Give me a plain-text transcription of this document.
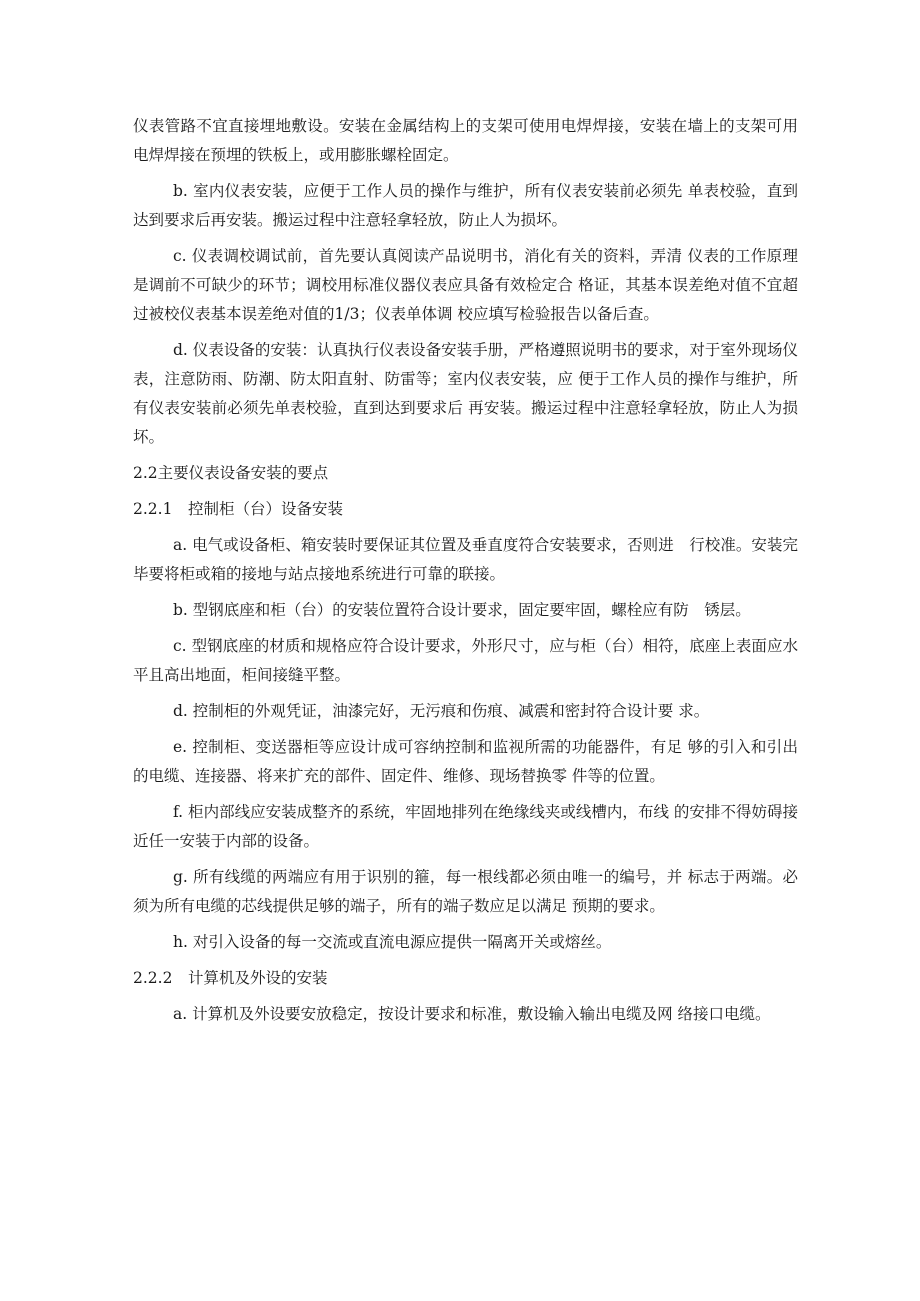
仪表管路不宜直接埋地敷设。安装在金属结构上的支架可使用电焊焊接，安装在墙上的支架可用电焊焊接在预埋的铁板上，或用膨胀螺栓固定。

b. 室内仪表安装，应便于工作人员的操作与维护，所有仪表安装前必须先 单表校验，直到达到要求后再安装。搬运过程中注意轻拿轻放，防止人为损坏。

c. 仪表调校调试前，首先要认真阅读产品说明书，消化有关的资料，弄清 仪表的工作原理是调前不可缺少的环节；调校用标准仪器仪表应具备有效检定合 格证，其基本误差绝对值不宜超过被校仪表基本误差绝对值的1/3；仪表单体调 校应填写检验报告以备后查。

d. 仪表设备的安装：认真执行仪表设备安装手册，严格遵照说明书的要求，对于室外现场仪表，注意防雨、防潮、防太阳直射、防雷等；室内仪表安装，应 便于工作人员的操作与维护，所有仪表安装前必须先单表校验，直到达到要求后 再安装。搬运过程中注意轻拿轻放，防止人为损坏。

2.2主要仪表设备安装的要点
2.2.1　控制柜（台）设备安装

a. 电气或设备柜、箱安装时要保证其位置及垂直度符合安装要求，否则进　行校准。安装完毕要将柜或箱的接地与站点接地系统进行可靠的联接。

b. 型钢底座和柜（台）的安装位置符合设计要求，固定要牢固，螺栓应有防　锈层。

c. 型钢底座的材质和规格应符合设计要求，外形尺寸，应与柜（台）相符，底座上表面应水平且高出地面，柜间接缝平整。

d. 控制柜的外观凭证，油漆完好，无污痕和伤痕、减震和密封符合设计要 求。

e. 控制柜、变送器柜等应设计成可容纳控制和监视所需的功能器件，有足 够的引入和引出的电缆、连接器、将来扩充的部件、固定件、维修、现场替换零 件等的位置。

f. 柜内部线应安装成整齐的系统，牢固地排列在绝缘线夹或线槽内，布线 的安排不得妨碍接近任一安装于内部的设备。

g. 所有线缆的两端应有用于识别的箍，每一根线都必须由唯一的编号，并 标志于两端。必须为所有电缆的芯线提供足够的端子，所有的端子数应足以满足 预期的要求。

h. 对引入设备的每一交流或直流电源应提供一隔离开关或熔丝。

2.2.2　计算机及外设的安装

a. 计算机及外设要安放稳定，按设计要求和标准，敷设输入输出电缆及网 络接口电缆。
